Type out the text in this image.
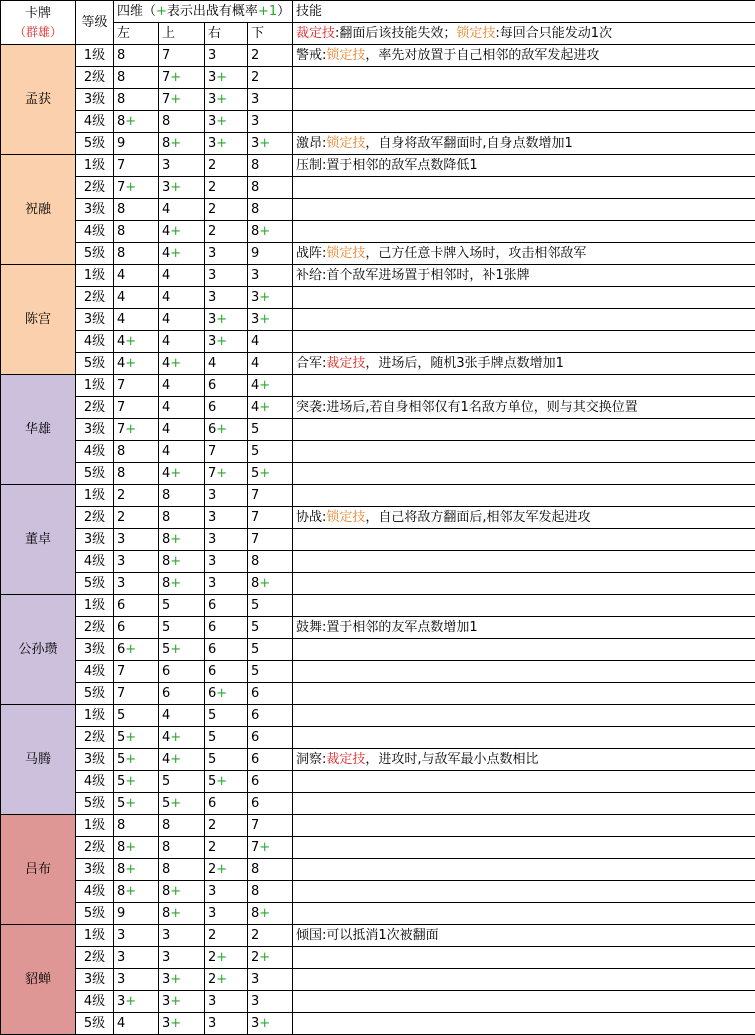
卡牌
（群雄）	等级	四维（+表示出战有概率+1）				技能
		左	上	右	下	裁定技:翻面后该技能失效；锁定技:每回合只能发动1次
孟获	1级	8	7	3	2	警戒:锁定技，率先对放置于自己相邻的敌军发起进攻
	2级	8	7+	3+	2	
	3级	8	7+	3+	3	
	4级	8+	8	3+	3	
	5级	9	8+	3+	3+	激昂:锁定技，自身将敌军翻面时,自身点数增加1
祝融	1级	7	3	2	8	压制:置于相邻的敌军点数降低1
	2级	7+	3+	2	8	
	3级	8	4	2	8	
	4级	8	4+	2	8+	
	5级	8	4+	3	9	战阵:锁定技，己方任意卡牌入场时，攻击相邻敌军
陈宫	1级	4	4	3	3	补给:首个敌军进场置于相邻时，补1张牌
	2级	4	4	3	3+	
	3级	4	4	3+	3+	
	4级	4+	4	3+	4	
	5级	4+	4+	4	4	合军:裁定技，进场后，随机3张手牌点数增加1
华雄	1级	7	4	6	4+	
	2级	7	4	6	4+	突袭:进场后,若自身相邻仅有1名敌方单位，则与其交换位置
	3级	7+	4	6+	5	
	4级	8	4	7	5	
	5级	8	4+	7+	5+	
董卓	1级	2	8	3	7	
	2级	2	8	3	7	协战:锁定技，自己将敌方翻面后,相邻友军发起进攻
	3级	3	8+	3	7	
	4级	3	8+	3	8	
	5级	3	8+	3	8+	
公孙瓒	1级	6	5	6	5	
	2级	6	5	6	5	鼓舞:置于相邻的友军点数增加1
	3级	6+	5+	6	5	
	4级	7	6	6	5	
	5级	7	6	6+	6	
马腾	1级	5	4	5	6	
	2级	5+	4+	5	6	
	3级	5+	4+	5	6	洞察:裁定技，进攻时,与敌军最小点数相比
	4级	5+	5	5+	6	
	5级	5+	5+	6	6	
吕布	1级	8	8	2	7	
	2级	8+	8	2	7+	
	3级	8+	8	2+	8	
	4级	8+	8+	3	8	
	5级	9	8+	3	8+	
貂蝉	1级	3	3	2	2	倾国:可以抵消1次被翻面
	2级	3	3	2+	2+	
	3级	3	3+	2+	3	
	4级	3+	3+	3	3	
	5级	4	3+	3	3+	
